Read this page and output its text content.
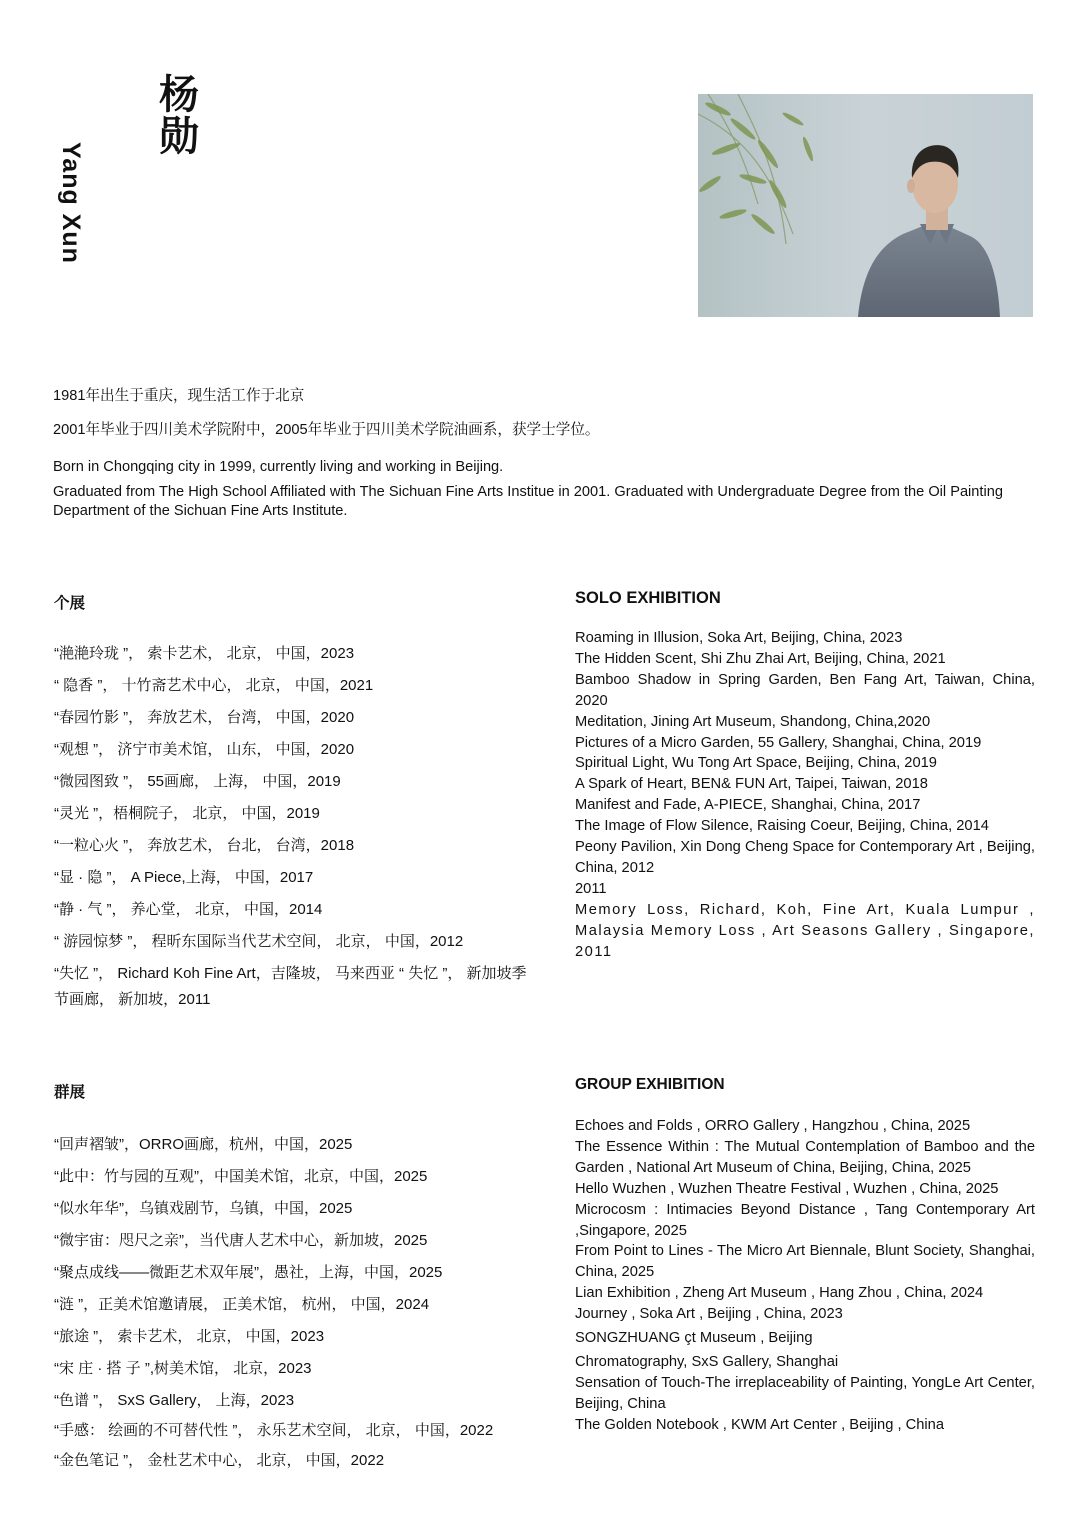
杨
勋
Yang Xun
1981年出生于重庆，现生活工作于北京
2001年毕业于四川美术学院附中，2005年毕业于四川美术学院油画系，获学士学位。
Born in Chongqing city in 1999, currently living and working in Beijing.
Graduated from The High School Affiliated with The Sichuan Fine Arts Institue in 2001. Graduated with Undergraduate Degree from the Oil Painting Department of the Sichuan Fine Arts Institute.
个展	SOLO EXHIBITION
“滟滟玲珑 ”， 索卡艺术， 北京， 中国，2023
“ 隐香 ”， 十竹斋艺术中心， 北京， 中国，2021
“春园竹影 ”， 奔放艺术， 台湾， 中国，2020
“观想 ”， 济宁市美术馆， 山东， 中国，2020
“微园图致 ”， 55画廊， 上海， 中国，2019
“灵光 ”，梧桐院子， 北京， 中国，2019
“一粒心火 ”， 奔放艺术， 台北， 台湾，2018
“显 · 隐 ”， A Piece,上海， 中国，2017
“静 · 气 ”， 养心堂， 北京， 中国，2014
“ 游园惊梦 ”， 程昕东国际当代艺术空间， 北京， 中国，2012
“失忆 ”， Richard Koh Fine Art，吉隆坡， 马来西亚 “ 失忆 ”， 新加坡季节画廊， 新加坡，2011
Roaming in Illusion, Soka Art, Beijing, China, 2023
The Hidden Scent, Shi Zhu Zhai Art, Beijing, China, 2021
Bamboo Shadow in Spring Garden, Ben Fang Art, Taiwan, China, 2020
Meditation, Jining Art Museum, Shandong, China,2020
Pictures of a Micro Garden, 55 Gallery, Shanghai, China, 2019
Spiritual Light, Wu Tong Art Space, Beijing, China, 2019
A Spark of Heart, BEN& FUN Art, Taipei, Taiwan, 2018
Manifest and Fade, A-PIECE, Shanghai, China, 2017
The Image of Flow Silence, Raising Coeur, Beijing, China, 2014
Peony Pavilion, Xin Dong Cheng Space for Contemporary Art , Beijing, China, 2012
2011
Memory Loss, Richard, Koh, Fine Art, Kuala Lumpur , Malaysia Memory Loss , Art Seasons Gallery , Singapore, 2011
群展	GROUP EXHIBITION
“回声褶皱”，ORRO画廊，杭州，中国，2025
“此中：竹与园的互观”，中国美术馆，北京，中国，2025
“似水年华”，乌镇戏剧节，乌镇，中国，2025
“微宇宙：咫尺之亲”，当代唐人艺术中心，新加坡，2025
“聚点成线——微距艺术双年展”，愚社，上海，中国，2025
“涟 ”，正美术馆邀请展， 正美术馆， 杭州， 中国，2024
“旅途 ”， 索卡艺术， 北京， 中国，2023
“宋 庄 · 搭 子 ”,树美术馆， 北京，2023
“色谱 ”， SxS Gallery， 上海，2023
“手感： 绘画的不可替代性 ”， 永乐艺术空间， 北京， 中国，2022
“金色笔记 ”， 金杜艺术中心， 北京， 中国，2022
Echoes and Folds , ORRO Gallery , Hangzhou , China, 2025
The Essence Within : The Mutual Contemplation of Bamboo and the Garden , National Art Museum of China, Beijing, China, 2025
Hello Wuzhen , Wuzhen Theatre Festival , Wuzhen , China, 2025
Microcosm : Intimacies Beyond Distance , Tang Contemporary Art ,Singapore, 2025
From Point to Lines - The Micro Art Biennale, Blunt Society, Shanghai, China, 2025
Lian Exhibition , Zheng Art Museum , Hang Zhou , China, 2024
Journey , Soka Art , Beijing , China, 2023
SONGZHUANG çt Museum , Beijing
Chromatography, SxS Gallery, Shanghai
Sensation of Touch-The irreplaceability of Painting, YongLe Art Center, Beijing, China
The Golden Notebook , KWM Art Center , Beijing , China
